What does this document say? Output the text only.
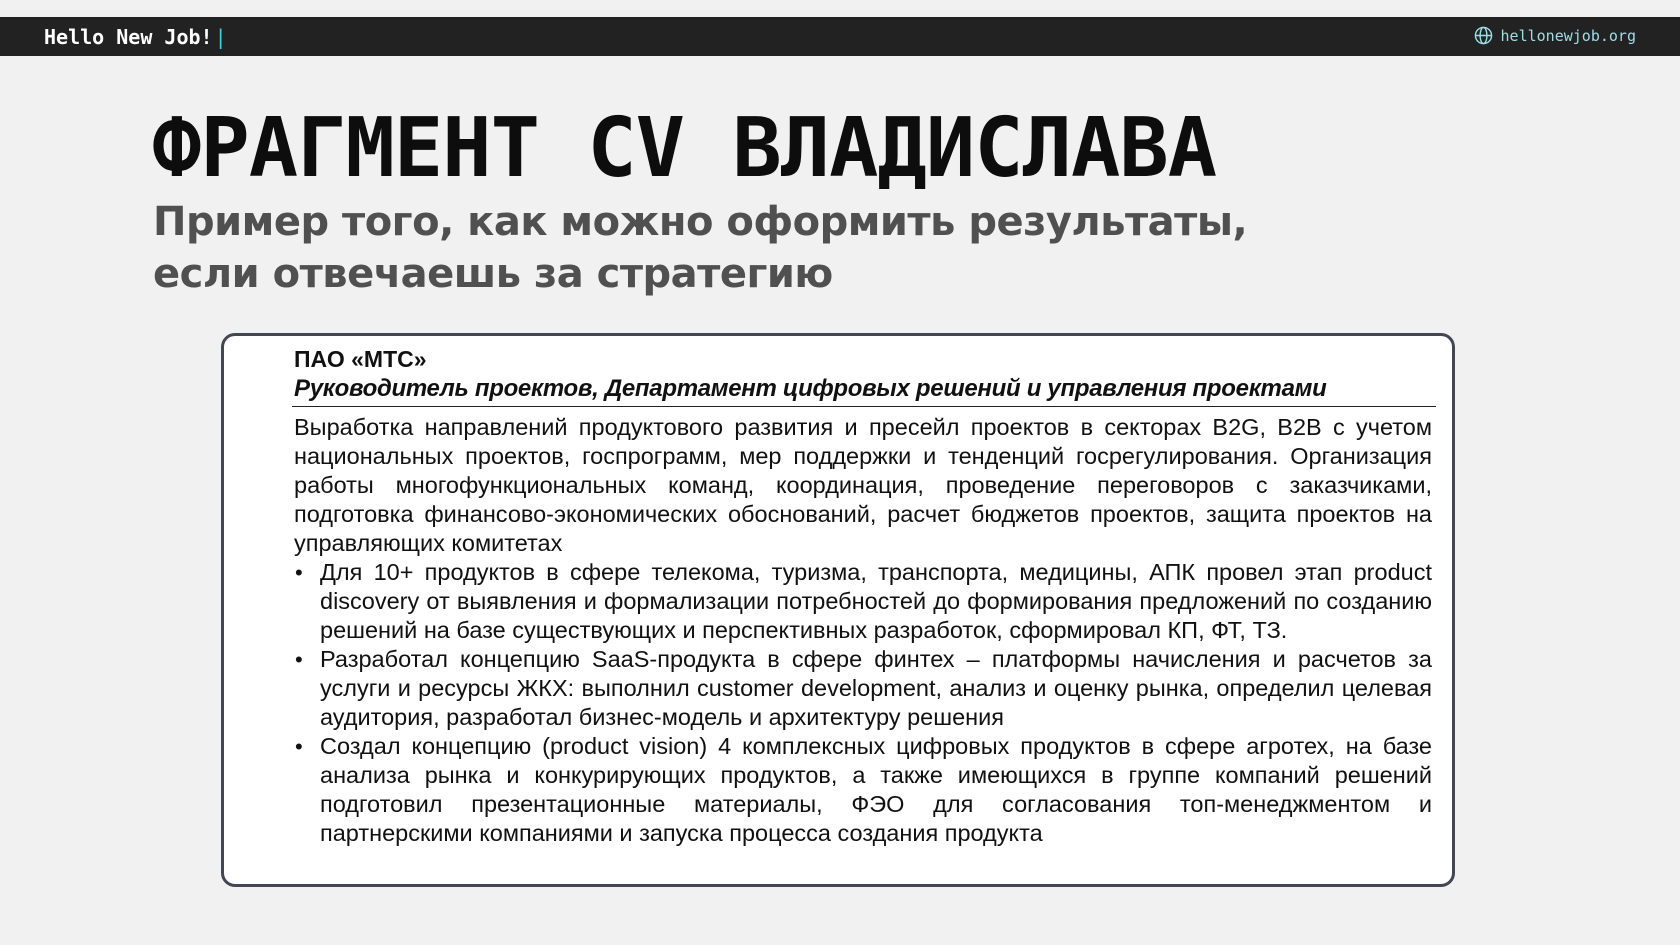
Hello New Job! |	hellonewjob.org
ФРАГМЕНТ CV ВЛАДИСЛАВА
Пример того, как можно оформить результаты,
если отвечаешь за стратегию

ПАО «МТС»

Руководитель проектов, Департамент цифровых решений и управления проектами

Выработка направлений продуктового развития и пресейл проектов в секторах B2G, B2B с учетом национальных проектов, госпрограмм, мер поддержки и тенденций госрегулирования. Организация работы многофункциональных команд, координация, проведение переговоров с заказчиками, подготовка финансово-экономических обоснований, расчет бюджетов проектов, защита проектов на управляющих комитетах

• Для 10+ продуктов в сфере телекома, туризма, транспорта, медицины, АПК провел этап product discovery от выявления и формализации потребностей до формирования предложений по созданию решений на базе существующих и перспективных разработок, сформировал КП, ФТ, ТЗ.
• Разработал концепцию SaaS-продукта в сфере финтех – платформы начисления и расчетов за услуги и ресурсы ЖКХ: выполнил customer development, анализ и оценку рынка, определил целевая аудитория, разработал бизнес-модель и архитектуру решения
• Создал концепцию (product vision) 4 комплексных цифровых продуктов в сфере агротех, на базе анализа рынка и конкурирующих продуктов, а также имеющихся в группе компаний решений подготовил презентационные материалы, ФЭО для согласования топ-менеджментом и партнерскими компаниями и запуска процесса создания продукта
